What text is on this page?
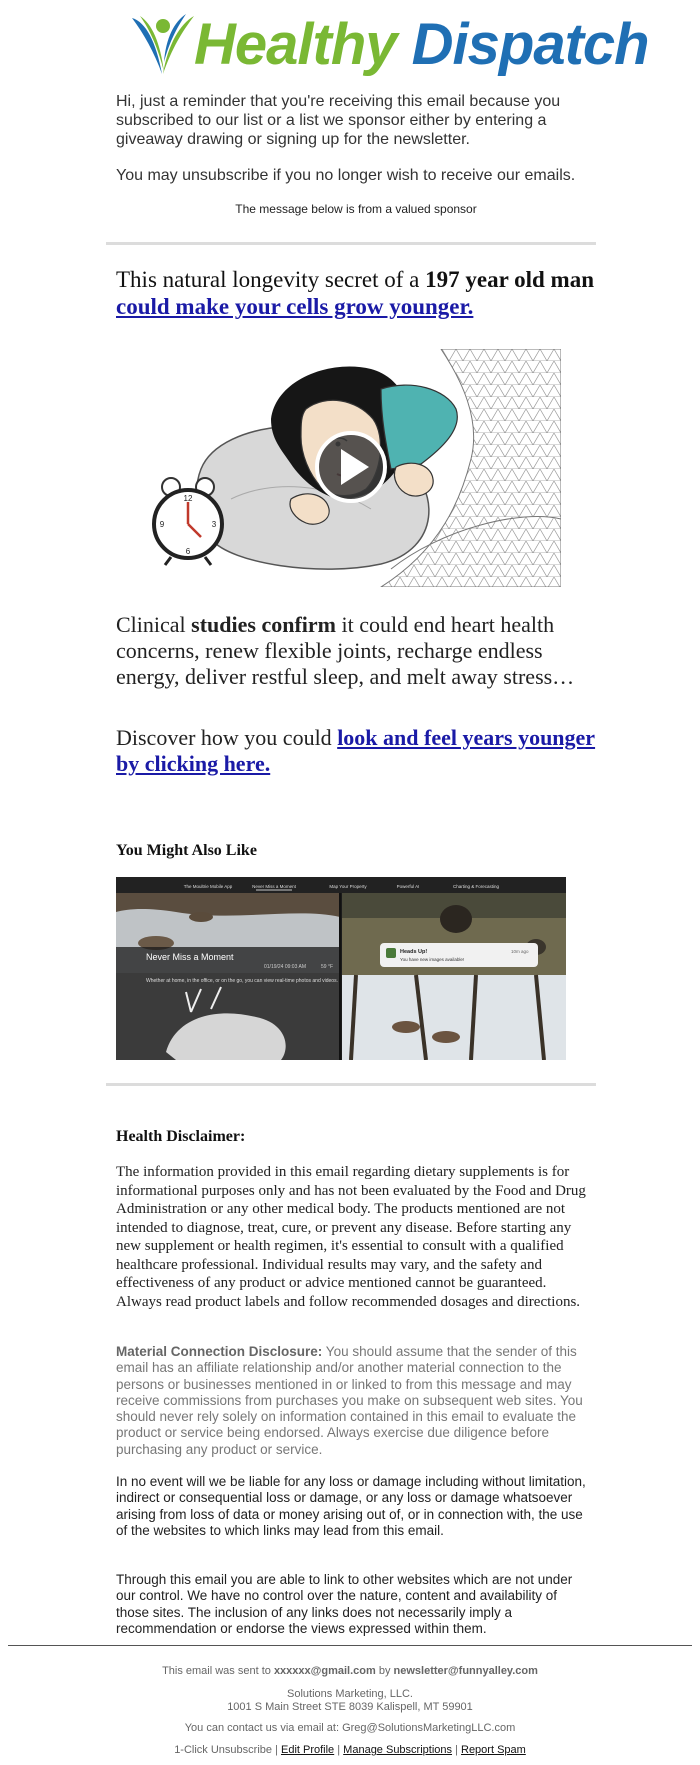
Healthy Dispatch

Hi, just a reminder that you're receiving this email because you subscribed to our list or a list we sponsor either by entering a giveaway drawing or signing up for the newsletter.

You may unsubscribe if you no longer wish to receive our emails.

The message below is from a valued sponsor
This natural longevity secret of a 197 year old man
could make your cells grow younger.
12
3
6
9
Clinical studies confirm it could end heart health concerns, renew flexible joints, recharge endless energy, deliver restful sleep, and melt away stress…
Discover how you could look and feel years younger by clicking here.
You Might Also Like
The Moultrie Mobile App	Never Miss a Moment	Map Your Property	Powerful AI	Charting & Forecasting
Never Miss a Moment
01/19/24 09:03 AM	59 °F
Whether at home, in the office, or on the go, you can view real-time photos and videos.
Heads Up!
You have new images available!
10m ago
Health Disclaimer:

The information provided in this email regarding dietary supplements is for informational purposes only and has not been evaluated by the Food and Drug Administration or any other medical body. The products mentioned are not intended to diagnose, treat, cure, or prevent any disease. Before starting any new supplement or health regimen, it's essential to consult with a qualified healthcare professional. Individual results may vary, and the safety and effectiveness of any product or advice mentioned cannot be guaranteed. Always read product labels and follow recommended dosages and directions.

Material Connection Disclosure: You should assume that the sender of this email has an affiliate relationship and/or another material connection to the persons or businesses mentioned in or linked to from this message and may receive commissions from purchases you make on subsequent web sites. You should never rely solely on information contained in this email to evaluate the product or service being endorsed. Always exercise due diligence before purchasing any product or service.

In no event will we be liable for any loss or damage including without limitation, indirect or consequential loss or damage, or any loss or damage whatsoever arising from loss of data or money arising out of, or in connection with, the use of the websites to which links may lead from this email.

Through this email you are able to link to other websites which are not under our control. We have no control over the nature, content and availability of those sites. The inclusion of any links does not necessarily imply a recommendation or endorse the views expressed within them.

This email was sent to xxxxxx@gmail.com by newsletter@funnyalley.com
Solutions Marketing, LLC.
1001 S Main Street STE 8039 Kalispell, MT 59901
You can contact us via email at: Greg@SolutionsMarketingLLC.com
1-Click Unsubscribe | Edit Profile | Manage Subscriptions | Report Spam
